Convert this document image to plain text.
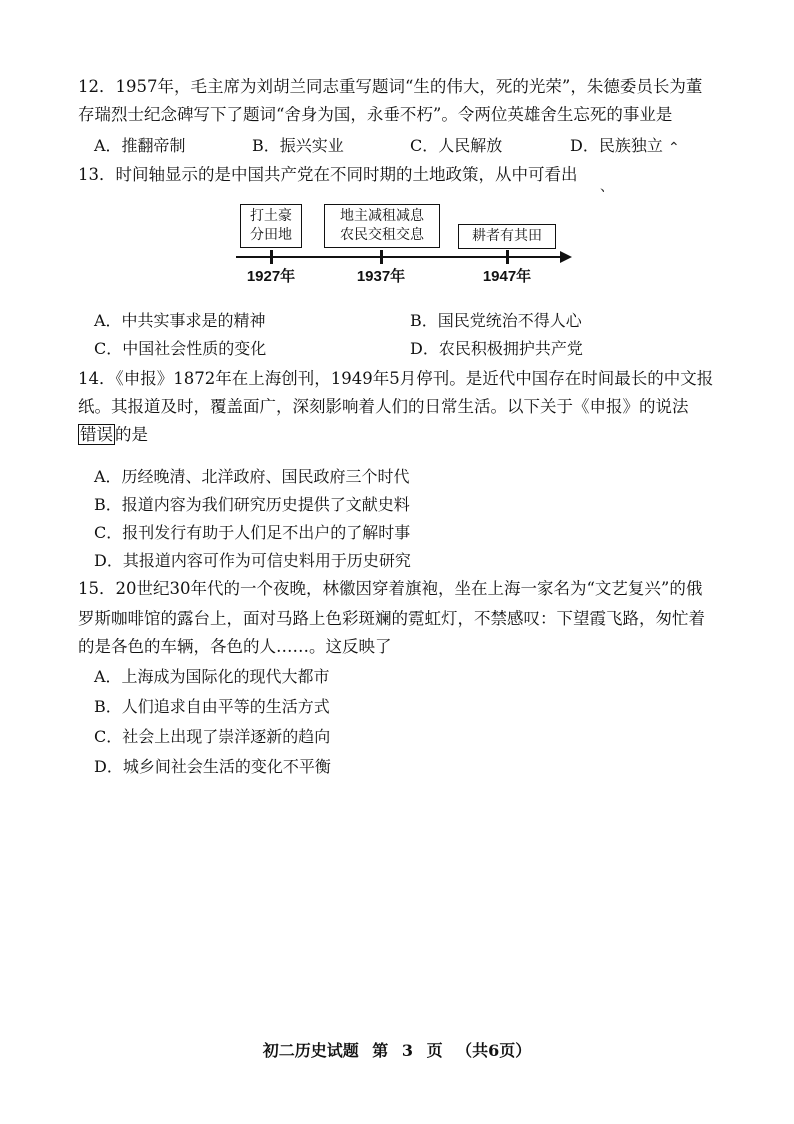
12．1957年，毛主席为刘胡兰同志重写题词“生的伟大，死的光荣”，朱德委员长为董
存瑞烈士纪念碑写下了题词“舍身为国，永垂不朽”。令两位英雄舍生忘死的事业是
A．推翻帝制	B．振兴实业	C．人民解放	D．民族独立 ⌃
13．时间轴显示的是中国共产党在不同时期的土地政策，从中可看出
、
打土豪
分田地
地主减租减息
农民交租交息	耕者有其田
1927年	1937年	1947年
A．中共实事求是的精神	B．国民党统治不得人心
C．中国社会性质的变化	D．农民积极拥护共产党
14．《申报》1872年在上海创刊，1949年5月停刊。是近代中国存在时间最长的中文报
纸。其报道及时，覆盖面广，深刻影响着人们的日常生活。以下关于《申报》的说法
错误 的是
A．历经晚清、北洋政府、国民政府三个时代
B．报道内容为我们研究历史提供了文献史料
C．报刊发行有助于人们足不出户的了解时事
D．其报道内容可作为可信史料用于历史研究
15．20世纪30年代的一个夜晚，林徽因穿着旗袍，坐在上海一家名为“文艺复兴”的俄
罗斯咖啡馆的露台上，面对马路上色彩斑斓的霓虹灯，不禁感叹：下望霞飞路，匆忙着
的是各色的车辆，各色的人……。这反映了
A．上海成为国际化的现代大都市
B．人们追求自由平等的生活方式
C．社会上出现了崇洋逐新的趋向
D．城乡间社会生活的变化不平衡
初二历史试题 第 3 页 （共6页）
